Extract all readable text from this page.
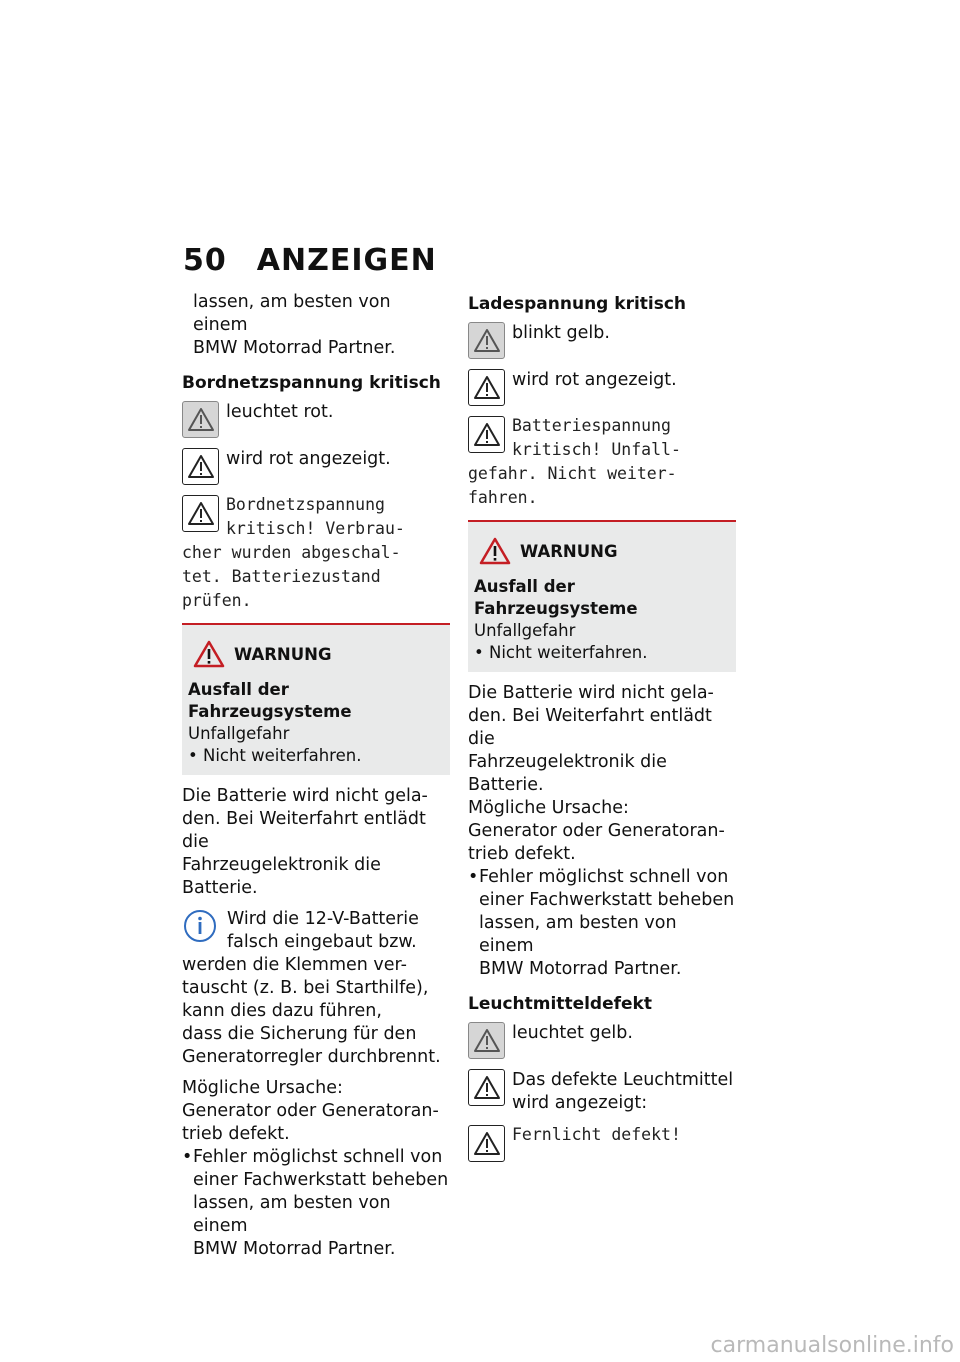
50 ANZEIGEN

lassen, am besten von einem

BMW Motorrad Partner.

Bordnetzspannung kritisch
leuchtet rot.
wird rot angezeigt.
Bordnetzspannung
kritisch! Verbrau-
cher wurden abgeschal-
tet. Batteriezustand
prüfen.
WARNUNG
Ausfall der Fahrzeugsysteme
Unfallgefahr
• Nicht weiterfahren.

Die Batterie wird nicht gela-

den. Bei Weiterfahrt entlädt die

Fahrzeugelektronik die Batterie.

Wird die 12-V-Batterie
falsch eingebaut bzw.

werden die Klemmen ver-

tauscht (z. B. bei Starthilfe),

kann dies dazu führen,

dass die Sicherung für den

Generatorregler durchbrennt.

Mögliche Ursache:

Generator oder Generatoran-

trieb defekt.

• Fehler möglichst schnell von

einer Fachwerkstatt beheben

lassen, am besten von einem

BMW Motorrad Partner.

Ladespannung kritisch
blinkt gelb.
wird rot angezeigt.
Batteriespannung
kritisch! Unfall-
gefahr. Nicht weiter-
fahren.
WARNUNG
Ausfall der Fahrzeugsysteme
Unfallgefahr
• Nicht weiterfahren.

Die Batterie wird nicht gela-

den. Bei Weiterfahrt entlädt die

Fahrzeugelektronik die Batterie.

Mögliche Ursache:

Generator oder Generatoran-

trieb defekt.

• Fehler möglichst schnell von

einer Fachwerkstatt beheben

lassen, am besten von einem

BMW Motorrad Partner.

Leuchtmitteldefekt
leuchtet gelb.
Das defekte Leuchtmittel
wird angezeigt:
Fernlicht defekt!
carmanualsonline.info
